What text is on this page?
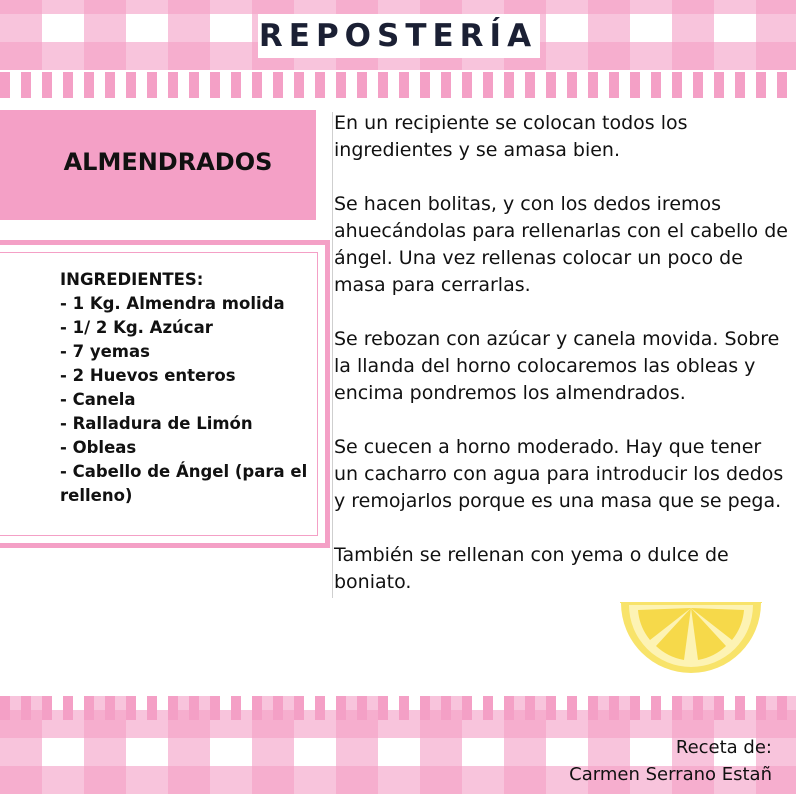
REPOSTERÍA
ALMENDRADOS
INGREDIENTES:
- 1 Kg. Almendra molida
- 1/ 2 Kg. Azúcar
- 7 yemas
- 2 Huevos enteros
- Canela
- Ralladura de Limón
- Obleas
- Cabello de Ángel (para el relleno)

En un recipiente se colocan todos los ingredientes y se amasa bien.

Se hacen bolitas, y con los dedos iremos ahuecándolas para rellenarlas con el cabello de ángel. Una vez rellenas colocar un poco de masa para cerrarlas.

Se rebozan con azúcar y canela movida. Sobre la llanda del horno colocaremos las obleas y encima pondremos los almendrados.

Se cuecen a horno moderado. Hay que tener un cacharro con agua para introducir los dedos y remojarlos porque es una masa que se pega.

También se rellenan con yema o dulce de boniato.

Receta de:
Carmen Serrano Estañ
